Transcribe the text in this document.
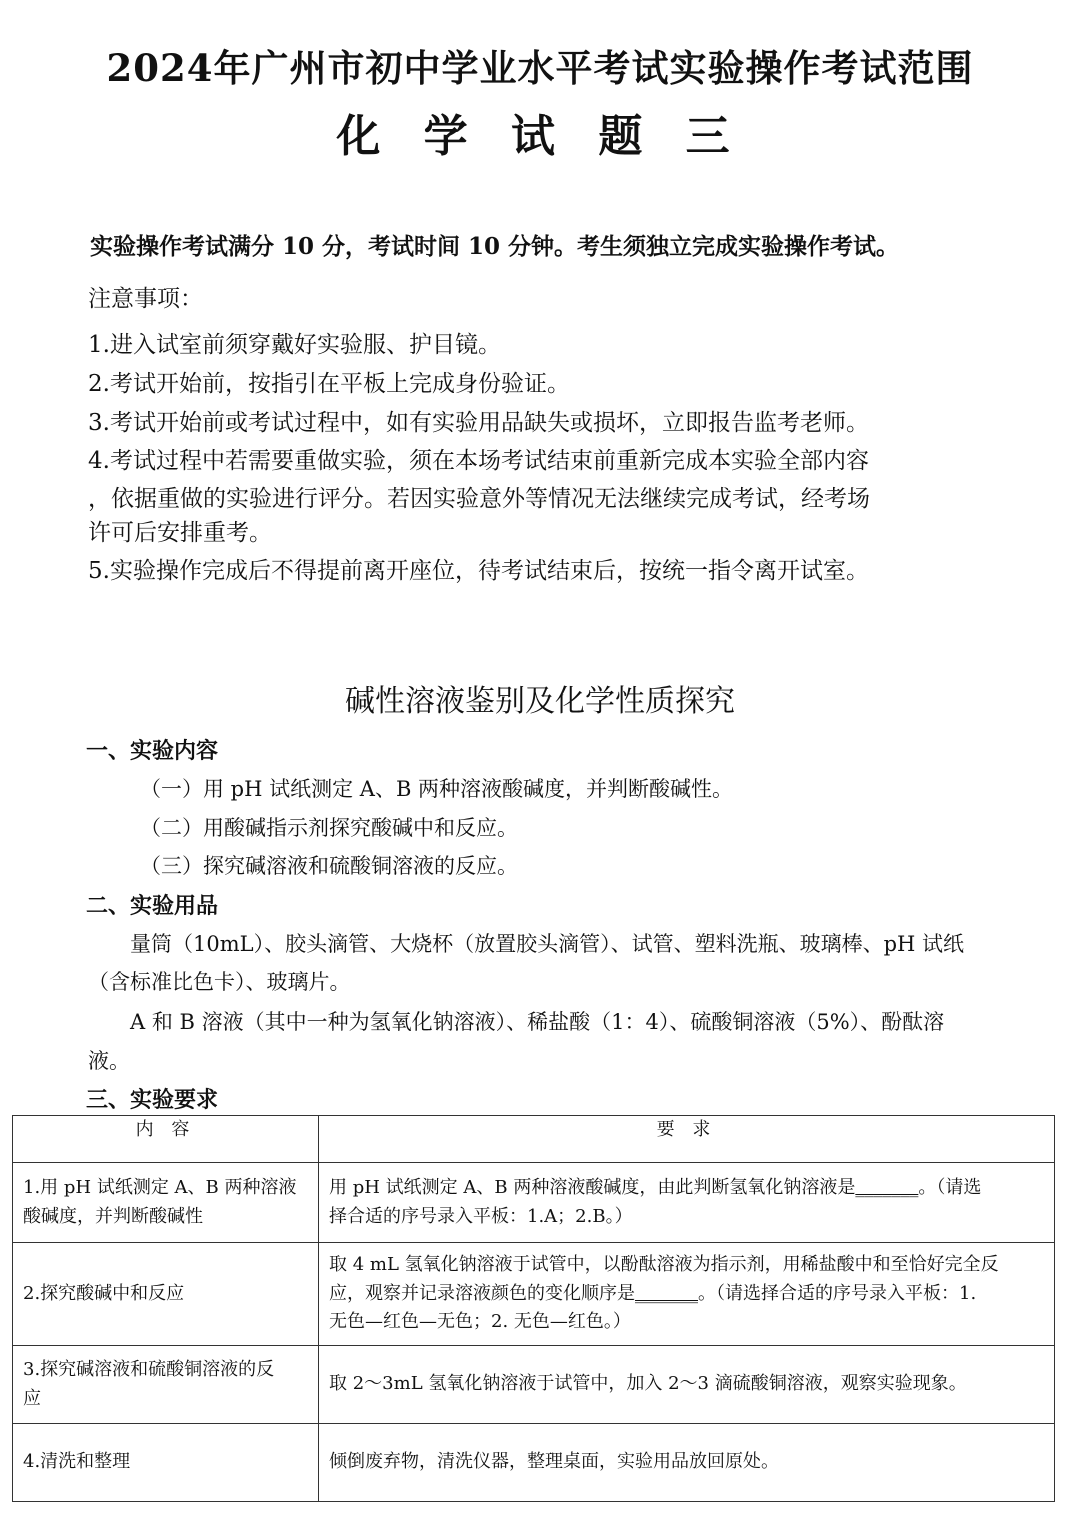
2024年广州市初中学业水平考试实验操作考试范围
化 学 试 题 三
实验操作考试满分 10 分，考试时间 10 分钟。考生须独立完成实验操作考试。
注意事项：
1.进入试室前须穿戴好实验服、护目镜。
2.考试开始前，按指引在平板上完成身份验证。
3.考试开始前或考试过程中，如有实验用品缺失或损坏，立即报告监考老师。
4.考试过程中若需要重做实验，须在本场考试结束前重新完成本实验全部内容
，依据重做的实验进行评分。若因实验意外等情况无法继续完成考试，经考场
许可后安排重考。
5.实验操作完成后不得提前离开座位，待考试结束后，按统一指令离开试室。
碱性溶液鉴别及化学性质探究
一、实验内容
（一）用 pH 试纸测定 A、B 两种溶液酸碱度，并判断酸碱性。
（二）用酸碱指示剂探究酸碱中和反应。
（三）探究碱溶液和硫酸铜溶液的反应。
二、实验用品
量筒（10mL）、胶头滴管、大烧杯（放置胶头滴管）、试管、塑料洗瓶、玻璃棒、pH 试纸
（含标准比色卡）、玻璃片。
A 和 B 溶液（其中一种为氢氧化钠溶液）、稀盐酸（1：4）、硫酸铜溶液（5%）、酚酞溶
液。
三、实验要求
内 容	要 求
1.用 pH 试纸测定 A、B 两种溶液
酸碱度，并判断酸碱性	用 pH 试纸测定 A、B 两种溶液酸碱度，由此判断氢氧化钠溶液是_______。（请选
择合适的序号录入平板：1.A；2.B。）
2.探究酸碱中和反应	取 4 mL 氢氧化钠溶液于试管中，以酚酞溶液为指示剂，用稀盐酸中和至恰好完全反
应，观察并记录溶液颜色的变化顺序是_______。（请选择合适的序号录入平板：1.
无色—红色—无色；2. 无色—红色。）
3.探究碱溶液和硫酸铜溶液的反
应	取 2～3mL 氢氧化钠溶液于试管中，加入 2～3 滴硫酸铜溶液，观察实验现象。
4.清洗和整理	倾倒废弃物，清洗仪器，整理桌面，实验用品放回原处。
